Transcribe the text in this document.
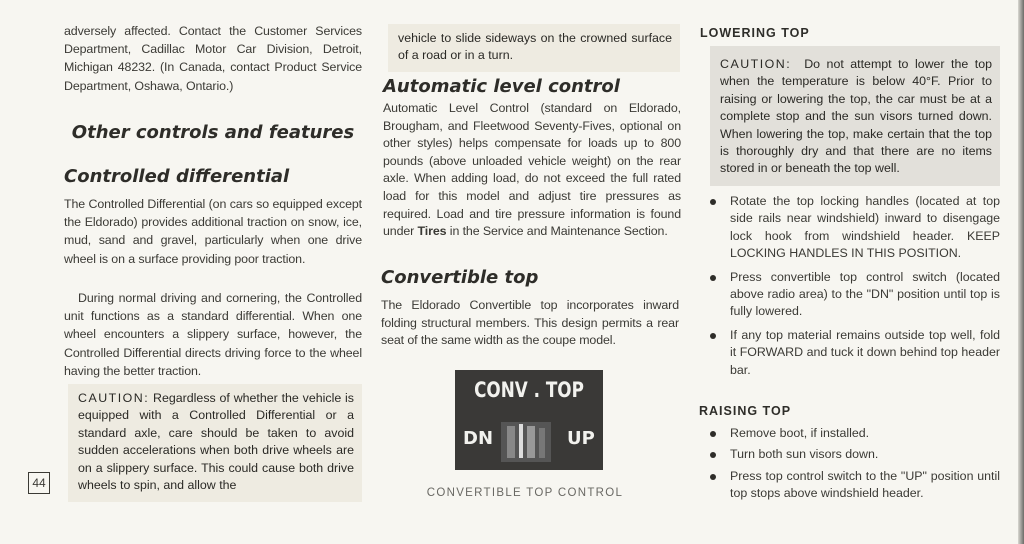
adversely affected. Contact the Customer Services Department, Cadillac Motor Car Division, Detroit, Michigan 48232. (In Canada, contact Product Service Department, Oshawa, Ontario.)

Other controls and features
Controlled differential

The Controlled Differential (on cars so equipped except the Eldorado) provides additional traction on snow, ice, mud, sand and gravel, particularly when one drive wheel is on a surface providing poor traction.

During normal driving and cornering, the Controlled unit functions as a standard differential. When one wheel encounters a slippery surface, however, the Controlled Differential directs driving force to the wheel having the better traction.

CAUTION: Regardless of whether the vehicle is equipped with a Controlled Differential or a standard axle, care should be taken to avoid sudden accelerations when both drive wheels are on a slippery surface. This could cause both drive wheels to spin, and allow the

44

vehicle to slide sideways on the crowned surface of a road or in a turn.

Automatic level control

Automatic Level Control (standard on Eldorado, Brougham, and Fleetwood Seventy-Fives, optional on other styles) helps compensate for loads up to 800 pounds (above unloaded vehicle weight) on the rear axle. When adding load, do not exceed the full rated load for this model and adjust tire pressures as required. Load and tire pressure information is found under Tires in the Service and Maintenance Section.

Convertible top

The Eldorado Convertible top incorporates inward folding structural members. This design permits a rear seat of the same width as the coupe model.

CONV . TOP
DN	UP
CONVERTIBLE TOP CONTROL
LOWERING TOP

CAUTION: Do not attempt to lower the top when the temperature is below 40°F. Prior to raising or lowering the top, the car must be at a complete stop and the sun visors turned down. When lowering the top, make certain that the top is thoroughly dry and that there are no items stored in or beneath the top well.

Rotate the top locking handles (located at top side rails near windshield) inward to disengage lock hook from windshield header. KEEP LOCKING HANDLES IN THIS POSITION.
Press convertible top control switch (located above radio area) to the "DN" position until top is fully lowered.
If any top material remains outside top well, fold it FORWARD and tuck it down behind top header bar.
RAISING TOP
Remove boot, if installed.
Turn both sun visors down.
Press top control switch to the "UP" position until top stops above windshield header.
